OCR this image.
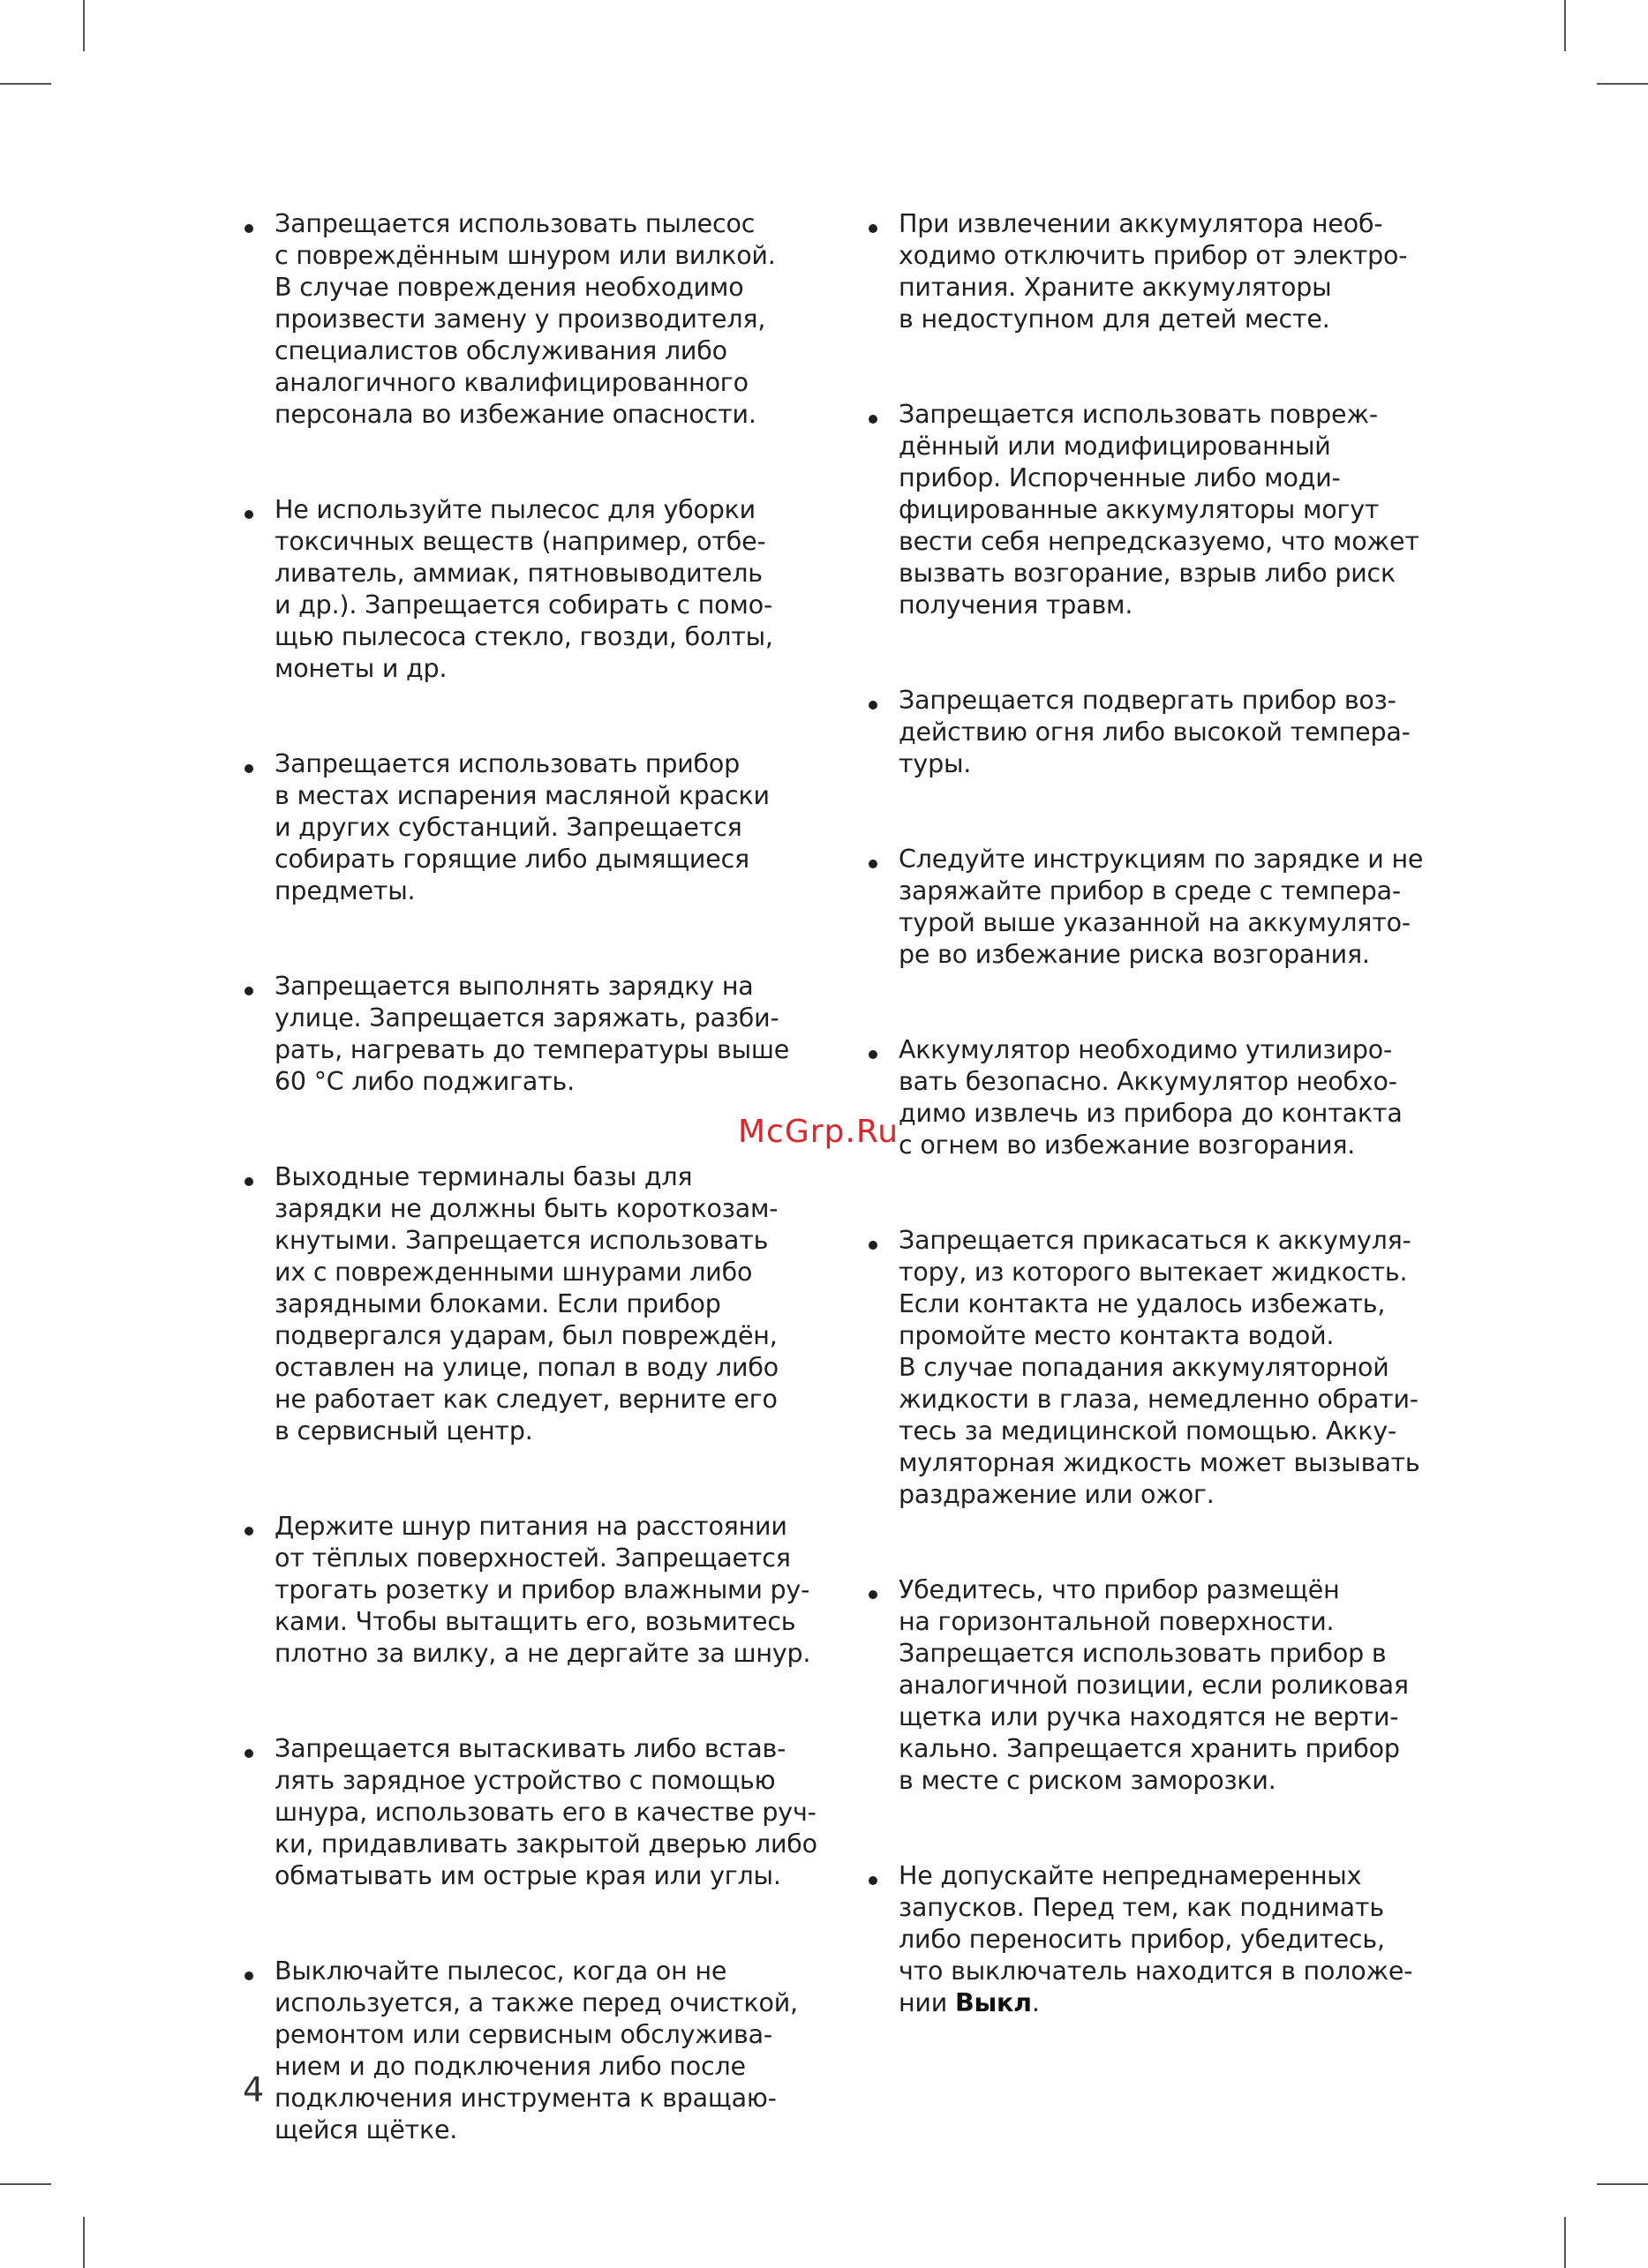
Запрещается использовать пылесос
с повреждённым шнуром или вилкой.
В случае повреждения необходимо
произвести замену у производителя,
специалистов обслуживания либо
аналогичного квалифицированного
персонала во избежание опасности.
Не используйте пылесос для уборки
токсичных веществ (например, отбе-
ливатель, аммиак, пятновыводитель
и др.). Запрещается собирать с помо-
щью пылесоса стекло, гвозди, болты,
монеты и др.
Запрещается использовать прибор
в местах испарения масляной краски
и других субстанций. Запрещается
собирать горящие либо дымящиеся
предметы.
Запрещается выполнять зарядку на
улице. Запрещается заряжать, разби-
рать, нагревать до температуры выше
60 °C либо поджигать.
Выходные терминалы базы для
зарядки не должны быть короткозам-
кнутыми. Запрещается использовать
их с поврежденными шнурами либо
зарядными блоками. Если прибор
подвергался ударам, был повреждён,
оставлен на улице, попал в воду либо
не работает как следует, верните его
в сервисный центр.
Держите шнур питания на расстоянии
от тёплых поверхностей. Запрещается
трогать розетку и прибор влажными ру-
ками. Чтобы вытащить его, возьмитесь
плотно за вилку, а не дергайте за шнур.
Запрещается вытаскивать либо встав-
лять зарядное устройство с помощью
шнура, использовать его в качестве руч-
ки, придавливать закрытой дверью либо
обматывать им острые края или углы.
Выключайте пылесос, когда он не
используется, а также перед очисткой,
ремонтом или сервисным обслужива-
нием и до подключения либо после
подключения инструмента к вращаю-
щейся щётке.
При извлечении аккумулятора необ-
ходимо отключить прибор от электро-
питания. Храните аккумуляторы
в недоступном для детей месте.
Запрещается использовать повреж-
дённый или модифицированный
прибор. Испорченные либо моди-
фицированные аккумуляторы могут
вести себя непредсказуемо, что может
вызвать возгорание, взрыв либо риск
получения травм.
Запрещается подвергать прибор воз-
действию огня либо высокой темпера-
туры.
Следуйте инструкциям по зарядке и не
заряжайте прибор в среде с темпера-
турой выше указанной на аккумулято-
ре во избежание риска возгорания.
Аккумулятор необходимо утилизиро-
вать безопасно. Аккумулятор необхо-
димо извлечь из прибора до контакта
с огнем во избежание возгорания.
Запрещается прикасаться к аккумуля-
тору, из которого вытекает жидкость.
Если контакта не удалось избежать,
промойте место контакта водой.
В случае попадания аккумуляторной
жидкости в глаза, немедленно обрати-
тесь за медицинской помощью. Акку-
муляторная жидкость может вызывать
раздражение или ожог.
Убедитесь, что прибор размещён
на горизонтальной поверхности.
Запрещается использовать прибор в
аналогичной позиции, если роликовая
щетка или ручка находятся не верти-
кально. Запрещается хранить прибор
в месте с риском заморозки.
Не допускайте непреднамеренных
запусков. Перед тем, как поднимать
либо переносить прибор, убедитесь,
что выключатель находится в положе-
нии Выкл.
McGrp.Ru
4
